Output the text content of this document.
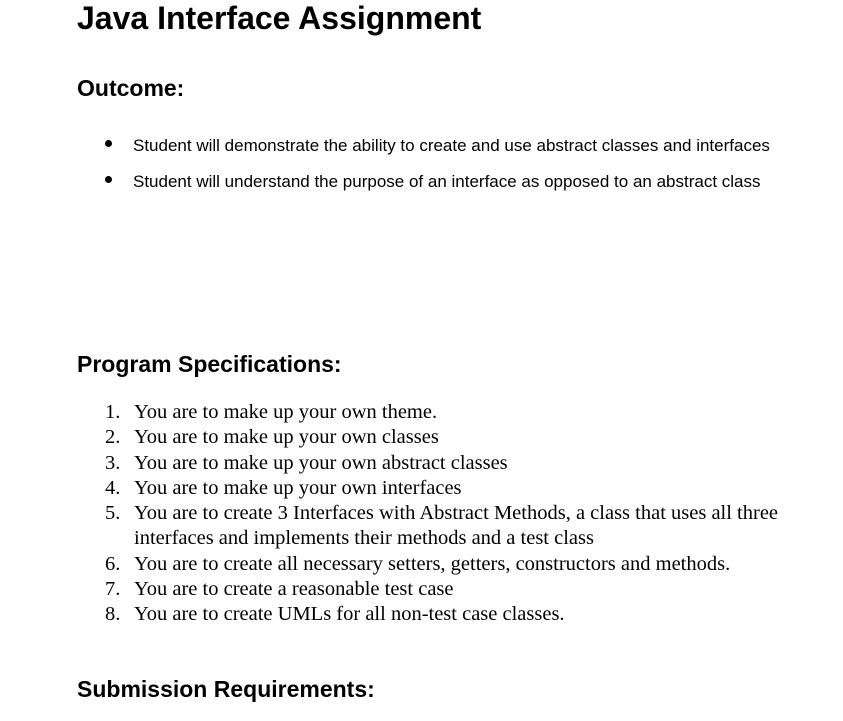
Java Interface Assignment
Outcome:
Student will demonstrate the ability to create and use abstract classes and interfaces
Student will understand the purpose of an interface as opposed to an abstract class
Program Specifications:
1. You are to make up your own theme.
2. You are to make up your own classes
3. You are to make up your own abstract classes
4. You are to make up your own interfaces
5. You are to create 3 Interfaces with Abstract Methods, a class that uses all three interfaces and implements their methods and a test class
6. You are to create all necessary setters, getters, constructors and methods.
7. You are to create a reasonable test case
8. You are to create UMLs for all non-test case classes.
Submission Requirements:
